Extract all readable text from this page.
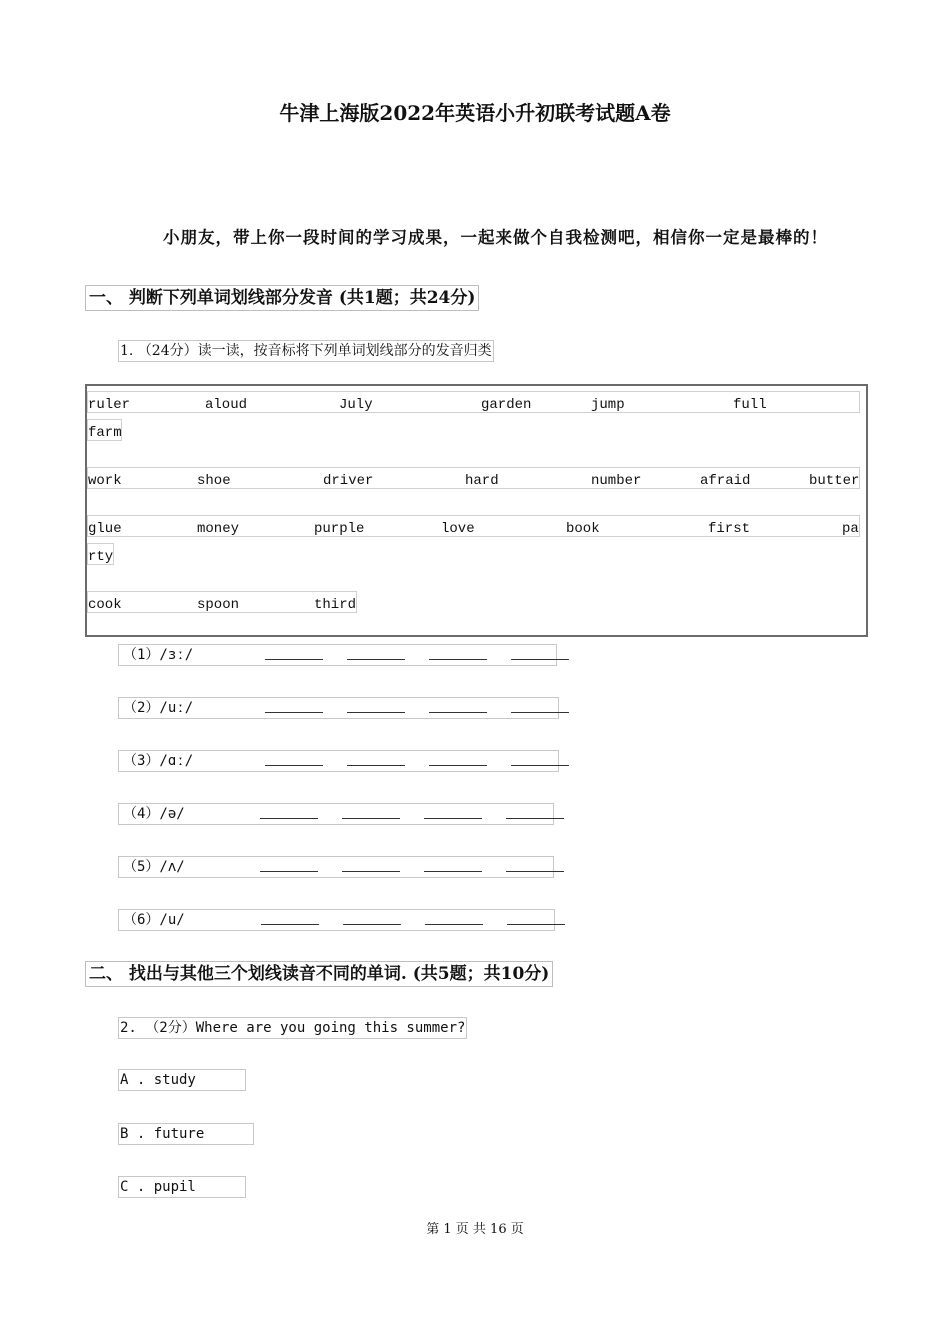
牛津上海版2022年英语小升初联考试题A卷
小朋友，带上你一段时间的学习成果，一起来做个自我检测吧，相信你一定是最棒的！
一、 判断下列单词划线部分发音 (共1题；共24分)
1. （24分）读一读，按音标将下列单词划线部分的发音归类
ruler	aloud	July	garden	jump	full
farm
work	shoe	driver	hard	number	afraid	butter
glue	money	purple	love	book	first	pa
rty
cook	spoon	third
（1）/ɜː/
（2）/uː/
（3）/ɑː/
（4）/ə/
（5）/ʌ/
（6）/u/
二、 找出与其他三个划线读音不同的单词. (共5题；共10分)
2. （2分）Where are you going this summer?
A . study
B . future
C . pupil
第 1 页 共 16 页
